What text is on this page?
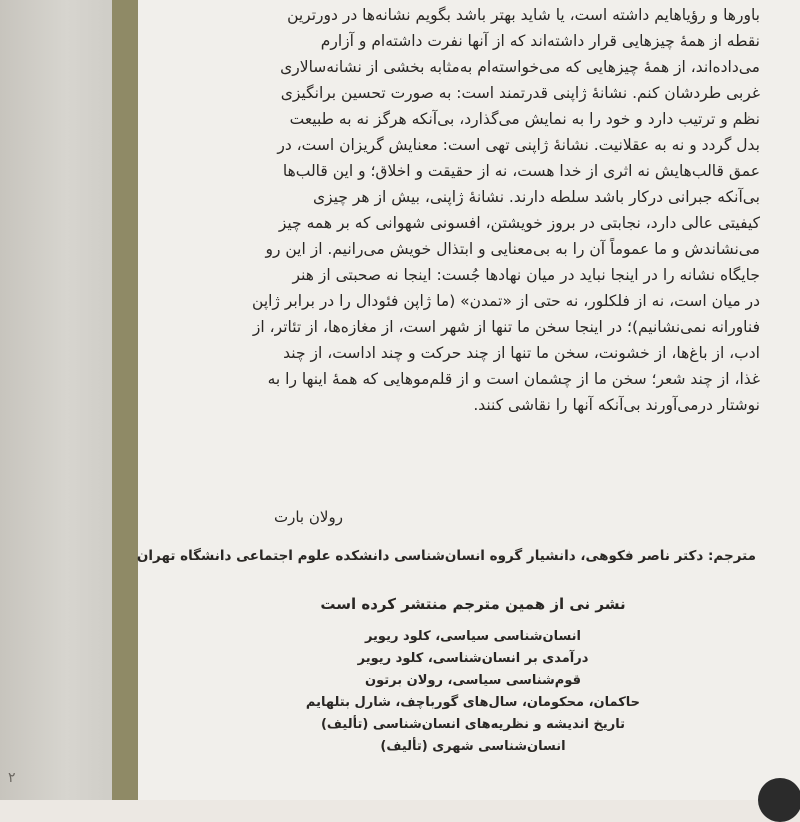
۲
باورها و رؤیاهایم داشته است، یا شاید بهتر باشد بگویم نشانه‌ها در دورترین
نقطه از همهٔ چیزهایی قرار داشته‌اند که از آنها نفرت داشته‌ام و آزارم
می‌داده‌اند، از همهٔ چیزهایی که می‌خواسته‌ام به‌مثابه بخشی از نشانه‌سالاری
غربی طردشان کنم. نشانهٔ ژاپنی قدرتمند است: به صورت تحسین برانگیزی
نظم و ترتیب دارد و خود را به نمایش می‌گذارد، بی‌آنکه هرگز نه به طبیعت
بدل گردد و نه به عقلانیت. نشانهٔ ژاپنی تهی است: معنایش گریزان است، در
عمق قالب‌هایش نه اثری از خدا هست، نه از حقیقت و اخلاق؛ و این قالب‌ها
بی‌آنکه جبرانی درکار باشد سلطه دارند. نشانهٔ ژاپنی، بیش از هر چیزی
کیفیتی عالی دارد، نجابتی در بروز خویشتن، افسونی شهوانی که بر همه چیز
می‌نشاندش و ما عموماً آن را به بی‌معنایی و ابتذال خویش می‌رانیم. از این رو
جایگاه نشانه را در اینجا نباید در میان نهادها جُست: اینجا نه صحبتی از هنر
در میان است، نه از فلکلور، نه حتی از «تمدن» (ما ژاپن فئودال را در برابر ژاپن
فناورانه نمی‌نشانیم)؛ در اینجا سخن ما تنها از شهر است، از مغازه‌ها، از تئاتر، از
ادب، از باغ‌ها، از خشونت، سخن ما تنها از چند حرکت و چند اداست، از چند
غذا، از چند شعر؛ سخن ما از چشمان است و از قلم‌موهایی که همهٔ اینها را به
نوشتار درمی‌آورند بی‌آنکه آنها را نقاشی کنند.
رولان بارت
مترجم: دکتر ناصر فکوهی، دانشیار گروه انسان‌شناسی دانشکده علوم اجتماعی دانشگاه تهران
نشر نی از همین مترجم منتشر کرده است
انسان‌شناسی سیاسی، کلود ریویر
درآمدی بر انسان‌شناسی، کلود ریویر
قوم‌شناسی سیاسی، رولان برتون
حاکمان، محکومان، سال‌های گورباچف، شارل بتلهایم
تاریخ اندیشه و نظریه‌های انسان‌شناسی (تألیف)
انسان‌شناسی شهری (تألیف)
